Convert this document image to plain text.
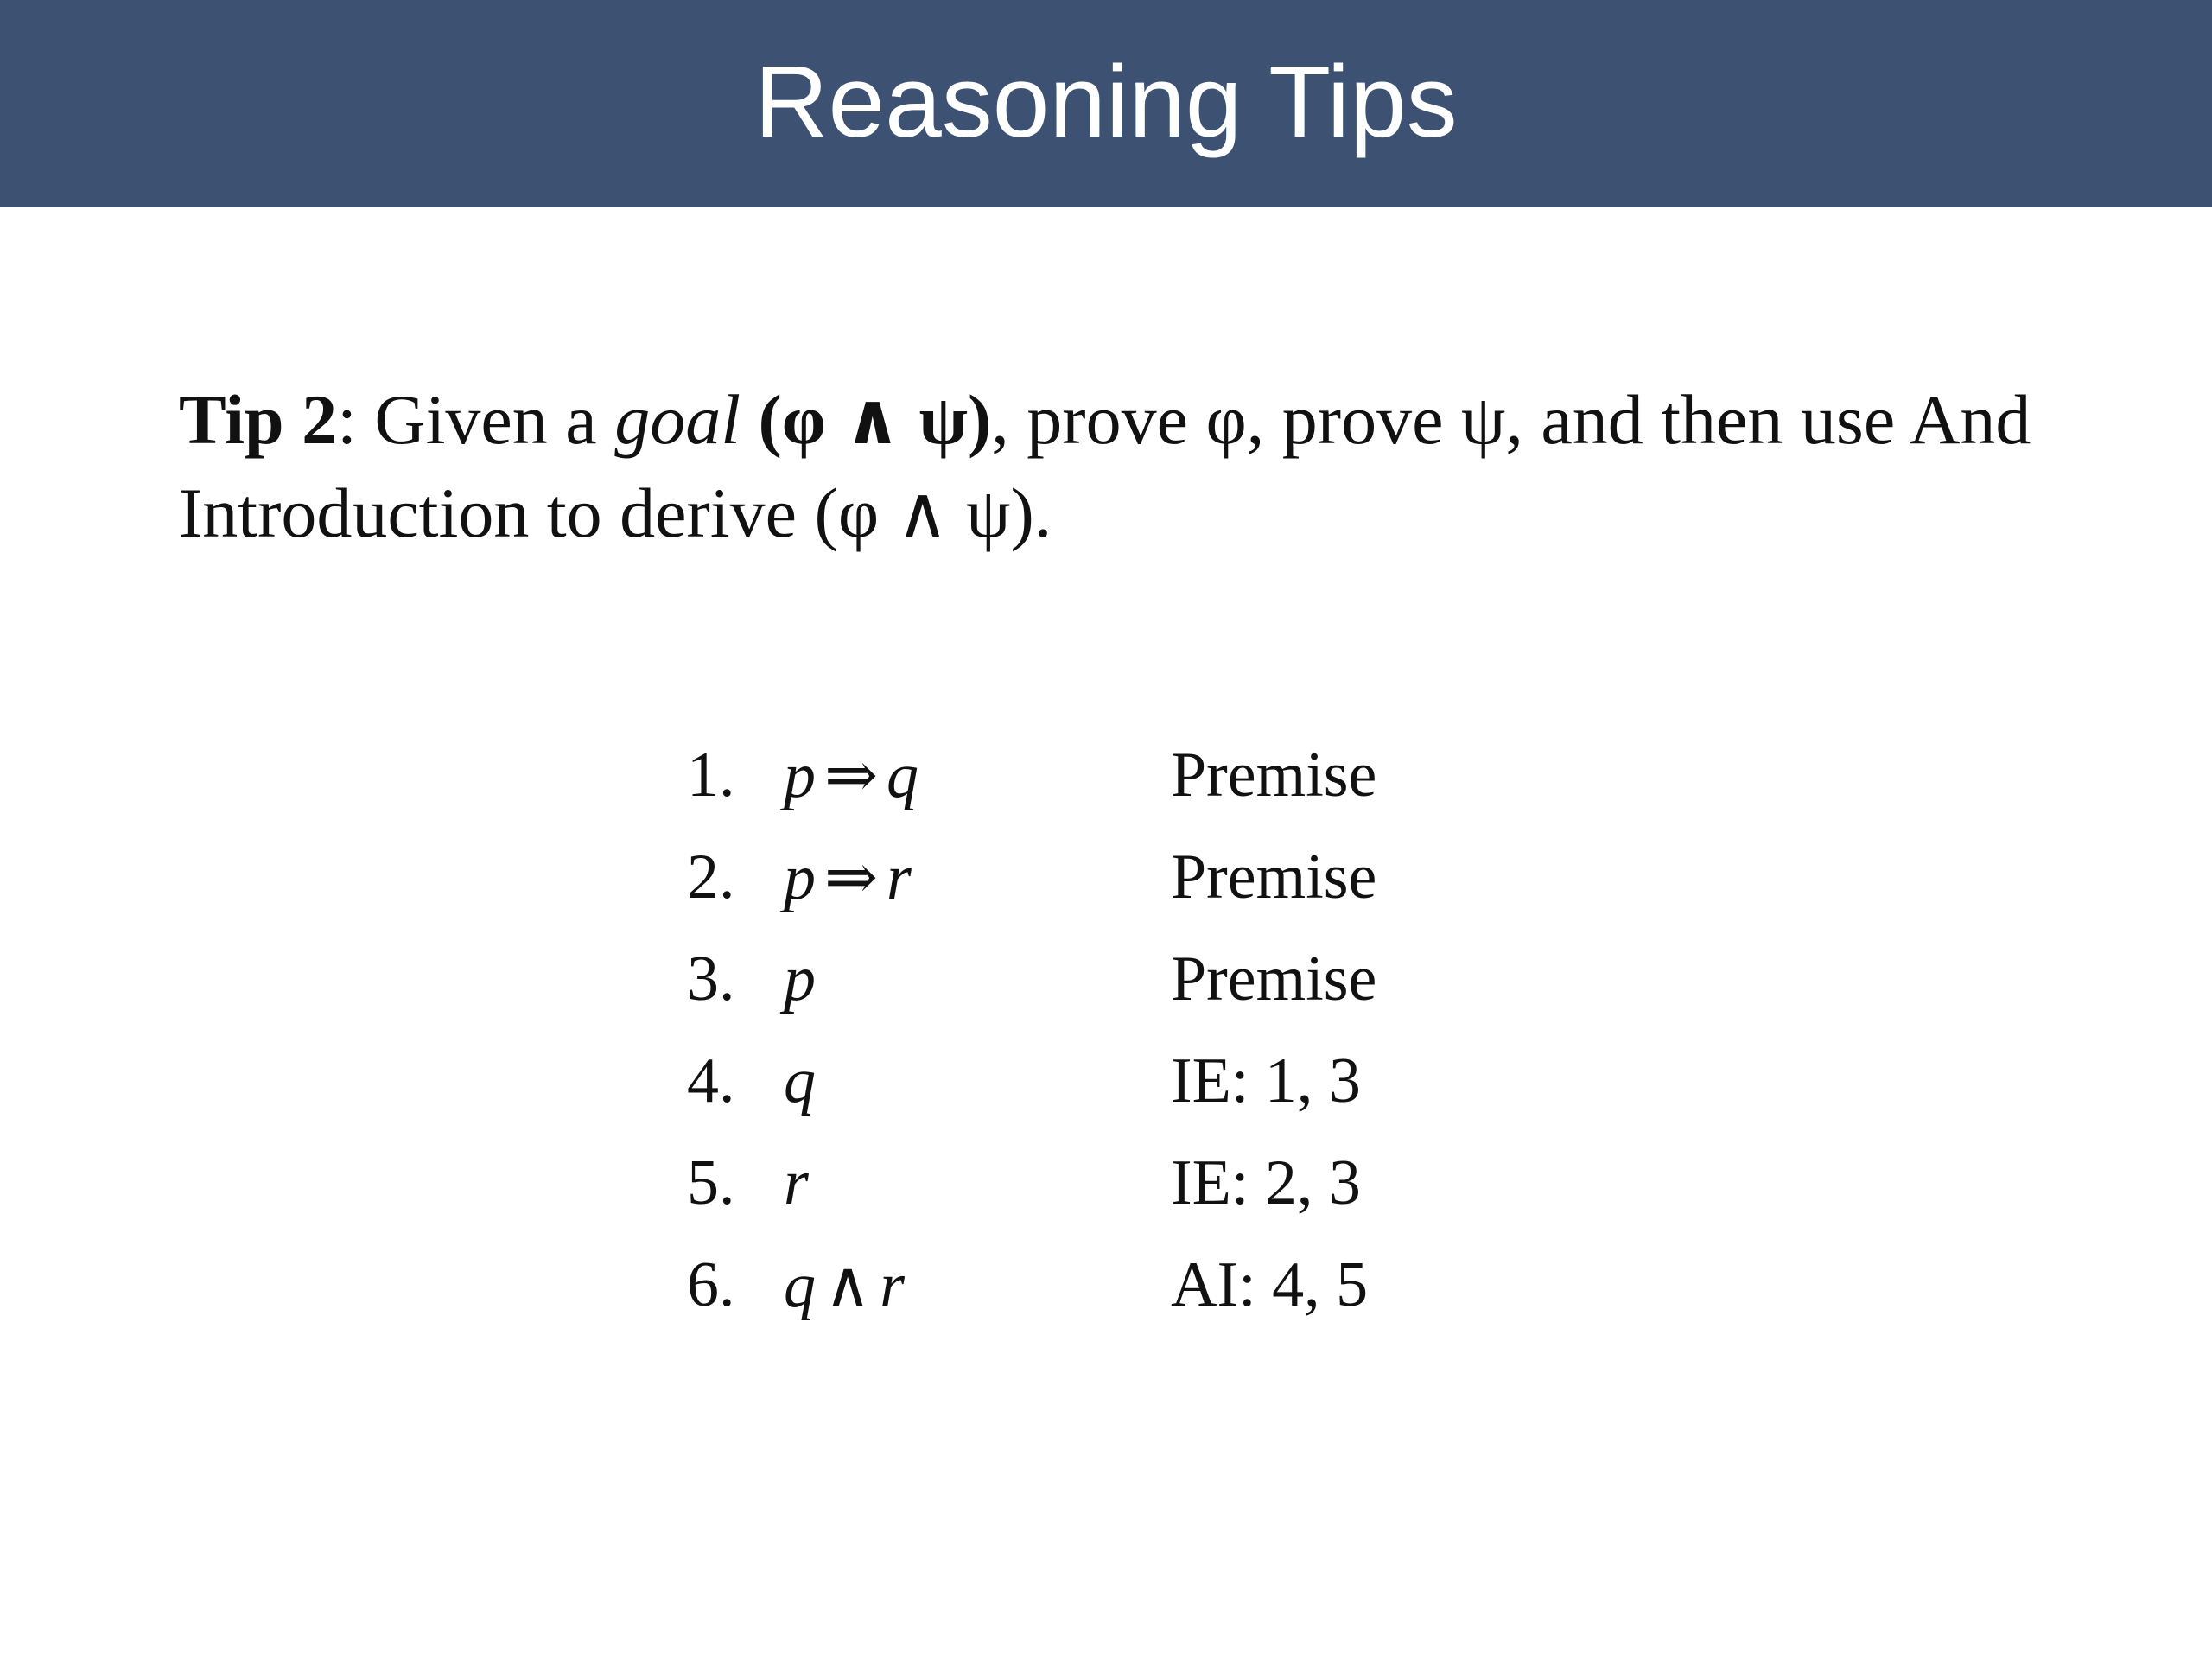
Reasoning Tips

Tip 2: Given a goal (φ ∧ ψ), prove φ, prove ψ, and then use And Introduction to derive (φ ∧ ψ).

1. p ⇒ q	Premise
2. p ⇒ r	Premise
3. p	Premise
4. q	IE: 1, 3
5. r	IE: 2, 3
6. q ∧ r	AI: 4, 5
